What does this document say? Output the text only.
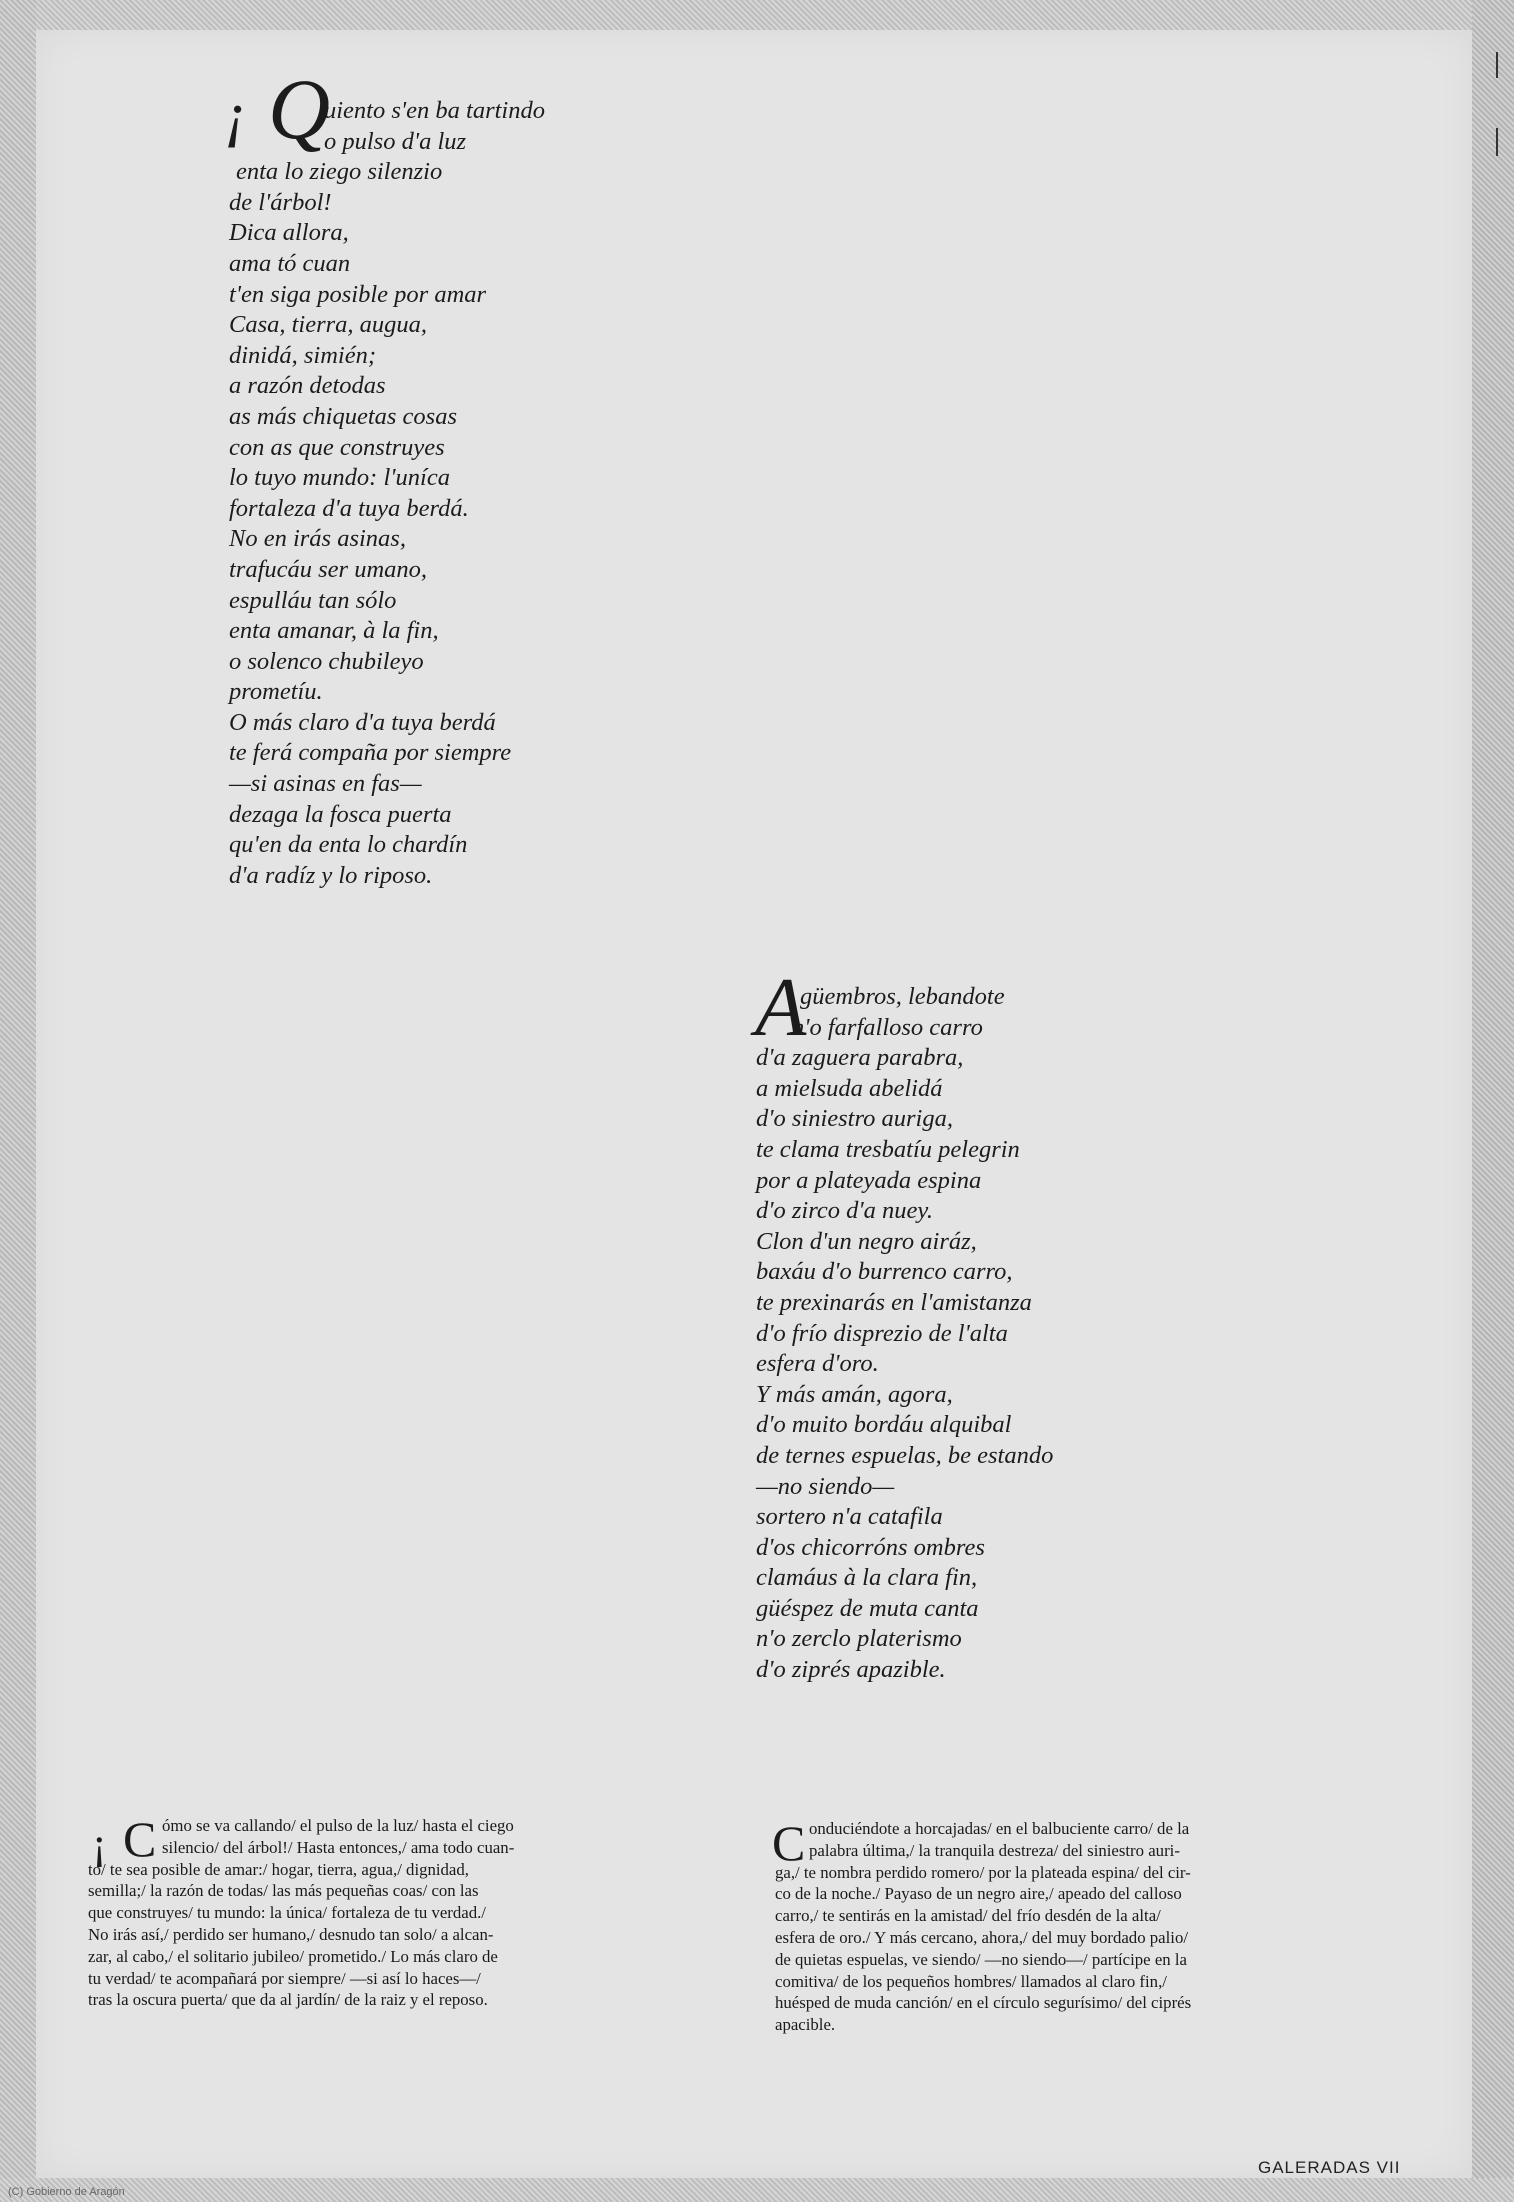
¡ Q
uiento s'en ba tartindo
o pulso d'a luz
enta lo ziego silenzio
de l'árbol!
Dica allora,
ama tó cuan
t'en siga posible por amar
Casa, tierra, augua,
dinidá, simién;
a razón detodas
as más chiquetas cosas
con as que construyes
lo tuyo mundo: l'uníca
fortaleza d'a tuya berdá.
No en irás asinas,
trafucáu ser umano,
espulláu tan sólo
enta amanar, à la fin,
o solenco chubileyo
prometíu.
O más claro d'a tuya berdá
te ferá compaña por siempre
—si asinas en fas—
dezaga la fosca puerta
qu'en da enta lo chardín
d'a radíz y lo riposo.
A
güembros, lebandote
n'o farfalloso carro
d'a zaguera parabra,
a mielsuda abelidá
d'o siniestro auriga,
te clama tresbatíu pelegrin
por a plateyada espina
d'o zirco d'a nuey.
Clon d'un negro airáz,
baxáu d'o burrenco carro,
te prexinarás en l'amistanza
d'o frío disprezio de l'alta
esfera d'oro.
Y más amán, agora,
d'o muito bordáu alquibal
de ternes espuelas, be estando
—no siendo—
sortero n'a catafila
d'os chicorróns ombres
clamáus à la clara fin,
güéspez de muta canta
n'o zerclo platerismo
d'o ziprés apazible.
¡ C ómo se va callando/ el pulso de la luz/ hasta el ciego
silencio/ del árbol!/ Hasta entonces,/ ama todo cuan-
to/ te sea posible de amar:/ hogar, tierra, agua,/ dignidad,
semilla;/ la razón de todas/ las más pequeñas coas/ con las
que construyes/ tu mundo: la única/ fortaleza de tu verdad./
No irás así,/ perdido ser humano,/ desnudo tan solo/ a alcan-
zar, al cabo,/ el solitario jubileo/ prometido./ Lo más claro de
tu verdad/ te acompañará por siempre/ —si así lo haces—/
tras la oscura puerta/ que da al jardín/ de la raiz y el reposo.
C onduciéndote a horcajadas/ en el balbuciente carro/ de la
palabra última,/ la tranquila destreza/ del siniestro auri-
ga,/ te nombra perdido romero/ por la plateada espina/ del cir-
co de la noche./ Payaso de un negro aire,/ apeado del calloso
carro,/ te sentirás en la amistad/ del frío desdén de la alta/
esfera de oro./ Y más cercano, ahora,/ del muy bordado palio/
de quietas espuelas, ve siendo/ —no siendo—/ partícipe en la
comitiva/ de los pequeños hombres/ llamados al claro fin,/
huésped de muda canción/ en el círculo segurísimo/ del ciprés
apacible.
GALERADAS VII
(C) Gobierno de Aragón
